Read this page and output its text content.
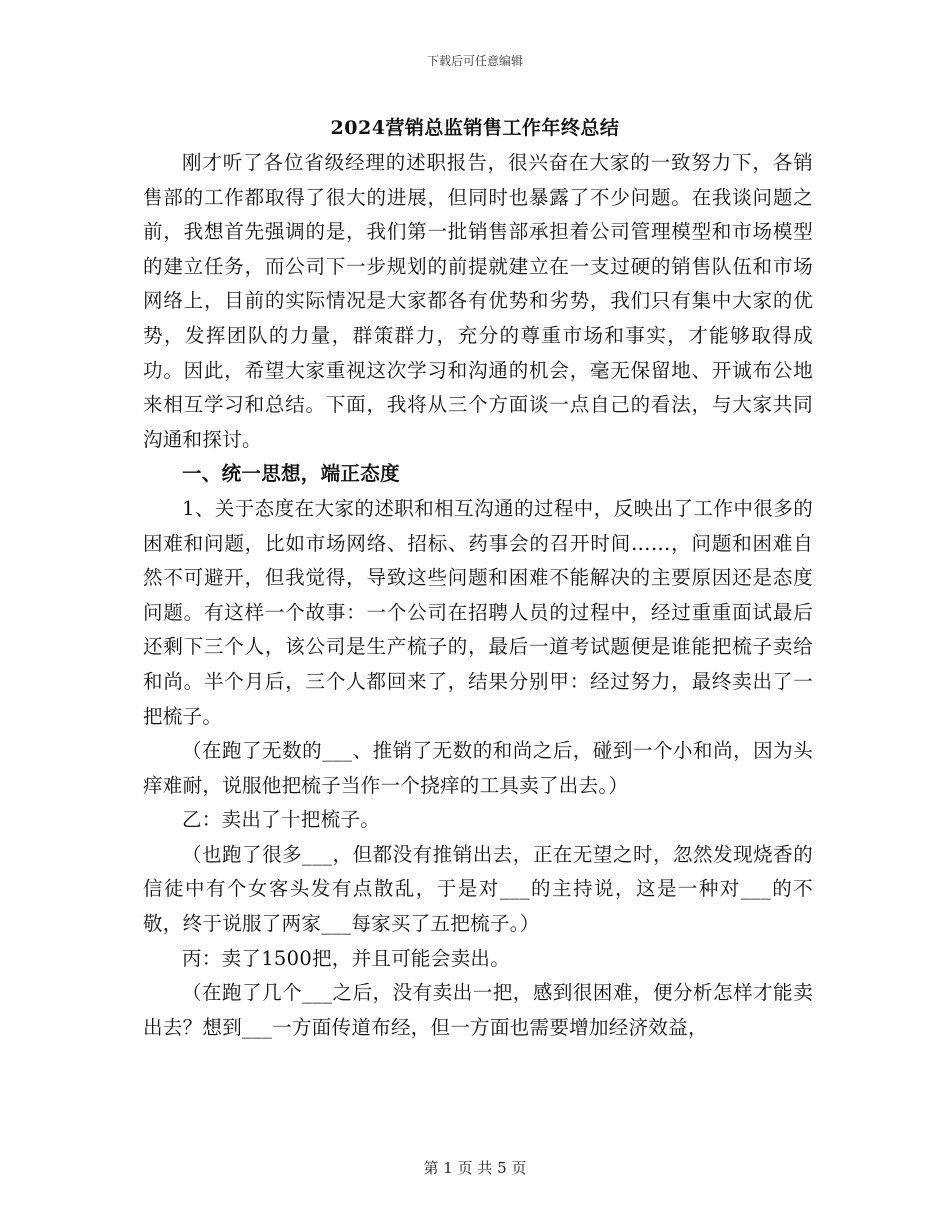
下载后可任意编辑
2024营销总监销售工作年终总结

刚才听了各位省级经理的述职报告，很兴奋在大家的一致努力下，各销售部的工作都取得了很大的进展，但同时也暴露了不少问题。在我谈问题之前，我想首先强调的是，我们第一批销售部承担着公司管理模型和市场模型的建立任务，而公司下一步规划的前提就建立在一支过硬的销售队伍和市场网络上，目前的实际情况是大家都各有优势和劣势，我们只有集中大家的优势，发挥团队的力量，群策群力，充分的尊重市场和事实，才能够取得成功。因此，希望大家重视这次学习和沟通的机会，毫无保留地、开诚布公地来相互学习和总结。下面，我将从三个方面谈一点自己的看法，与大家共同沟通和探讨。

一、统一思想，端正态度

1、关于态度在大家的述职和相互沟通的过程中，反映出了工作中很多的困难和问题，比如市场网络、招标、药事会的召开时间……，问题和困难自然不可避开，但我觉得，导致这些问题和困难不能解决的主要原因还是态度问题。有这样一个故事：一个公司在招聘人员的过程中，经过重重面试最后还剩下三个人，该公司是生产梳子的，最后一道考试题便是谁能把梳子卖给和尚。半个月后，三个人都回来了，结果分别甲：经过努力，最终卖出了一把梳子。

（在跑了无数的___、推销了无数的和尚之后，碰到一个小和尚，因为头痒难耐，说服他把梳子当作一个挠痒的工具卖了出去。）

乙：卖出了十把梳子。

（也跑了很多___，但都没有推销出去，正在无望之时，忽然发现烧香的信徒中有个女客头发有点散乱，于是对___的主持说，这是一种对___的不敬，终于说服了两家___每家买了五把梳子。）

丙：卖了1500把，并且可能会卖出。

（在跑了几个___之后，没有卖出一把，感到很困难，便分析怎样才能卖出去？想到___一方面传道布经，但一方面也需要增加经济效益，

第 1 页 共 5 页
